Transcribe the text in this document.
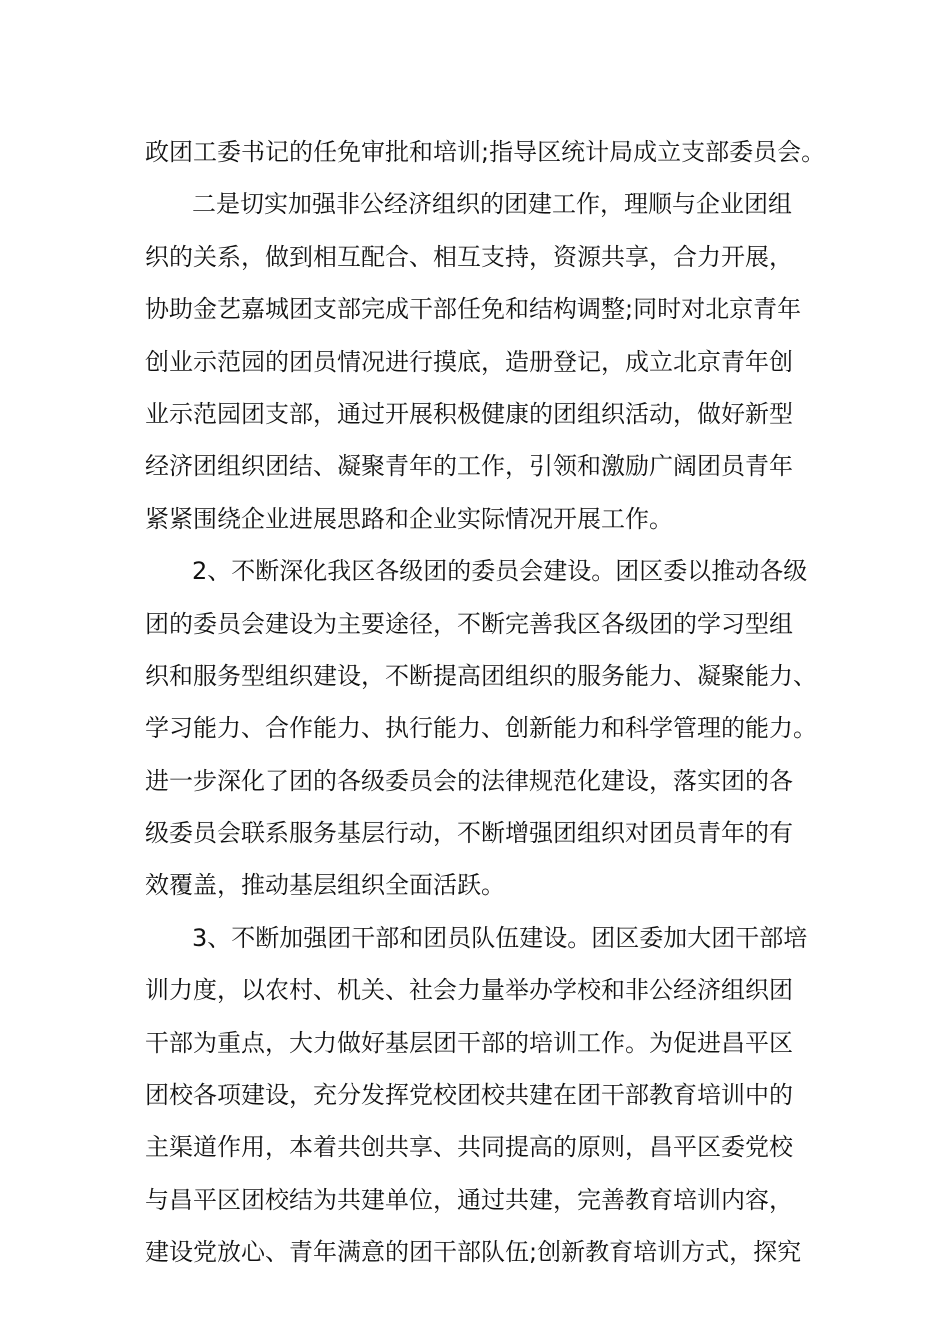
政团工委书记的任免审批和培训;指导区统计局成立支部委员会。
二是切实加强非公经济组织的团建工作，理顺与企业团组
织的关系，做到相互配合、相互支持，资源共享，合力开展，
协助金艺嘉城团支部完成干部任免和结构调整;同时对北京青年
创业示范园的团员情况进行摸底，造册登记，成立北京青年创
业示范园团支部，通过开展积极健康的团组织活动，做好新型
经济团组织团结、凝聚青年的工作，引领和激励广阔团员青年
紧紧围绕企业进展思路和企业实际情况开展工作。
2、不断深化我区各级团的委员会建设。团区委以推动各级
团的委员会建设为主要途径，不断完善我区各级团的学习型组
织和服务型组织建设，不断提高团组织的服务能力、凝聚能力、
学习能力、合作能力、执行能力、创新能力和科学管理的能力。
进一步深化了团的各级委员会的法律规范化建设，落实团的各
级委员会联系服务基层行动，不断增强团组织对团员青年的有
效覆盖，推动基层组织全面活跃。
3、不断加强团干部和团员队伍建设。团区委加大团干部培
训力度，以农村、机关、社会力量举办学校和非公经济组织团
干部为重点，大力做好基层团干部的培训工作。为促进昌平区
团校各项建设，充分发挥党校团校共建在团干部教育培训中的
主渠道作用，本着共创共享、共同提高的原则，昌平区委党校
与昌平区团校结为共建单位，通过共建，完善教育培训内容，
建设党放心、青年满意的团干部队伍;创新教育培训方式，探究
